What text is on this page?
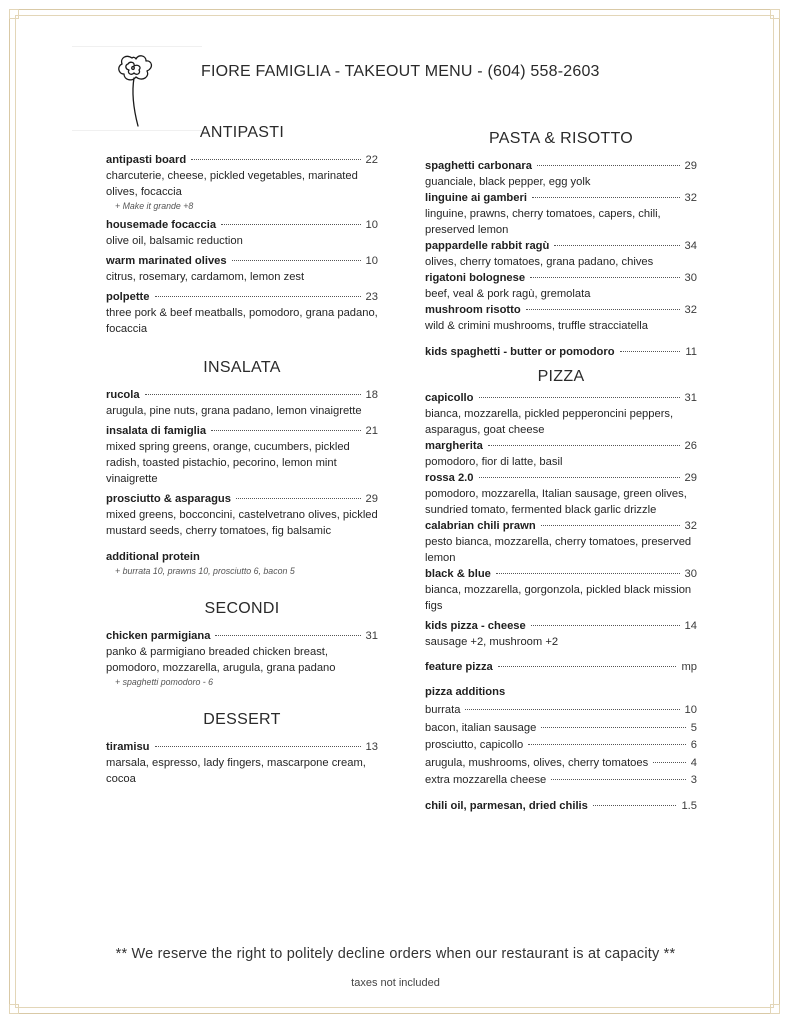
FIORE FAMIGLIA - TAKEOUT MENU - (604) 558-2603
ANTIPASTI
antipasti board	22
charcuterie, cheese, pickled vegetables, marinated olives, focaccia
+ Make it grande +8
housemade focaccia	10
olive oil, balsamic reduction
warm marinated olives	10
citrus, rosemary, cardamom, lemon zest
polpette	23
three pork & beef meatballs, pomodoro, grana padano, focaccia
INSALATA
rucola	18
arugula, pine nuts, grana padano, lemon vinaigrette
insalata di famiglia	21
mixed spring greens, orange, cucumbers, pickled radish, toasted pistachio, pecorino, lemon mint vinaigrette
prosciutto & asparagus	29
mixed greens, bocconcini, castelvetrano olives, pickled mustard seeds, cherry tomatoes, fig balsamic
additional protein
+ burrata 10, prawns 10, prosciutto 6, bacon 5
SECONDI
chicken parmigiana	31
panko & parmigiano breaded chicken breast, pomodoro, mozzarella, arugula, grana padano
+ spaghetti pomodoro - 6
DESSERT
tiramisu	13
marsala, espresso, lady fingers, mascarpone cream, cocoa
PASTA & RISOTTO
spaghetti carbonara	29
guanciale, black pepper, egg yolk
linguine ai gamberi	32
linguine, prawns, cherry tomatoes, capers, chili, preserved lemon
pappardelle rabbit ragù	34
olives, cherry tomatoes, grana padano, chives
rigatoni bolognese	30
beef, veal & pork ragù, gremolata
mushroom risotto	32
wild & crimini mushrooms, truffle stracciatella
kids spaghetti - butter or pomodoro	11
PIZZA
capicollo	31
bianca, mozzarella, pickled pepperoncini peppers, asparagus, goat cheese
margherita	26
pomodoro, fior di latte, basil
rossa 2.0	29
pomodoro, mozzarella, Italian sausage, green olives, sundried tomato, fermented black garlic drizzle
calabrian chili prawn	32
pesto bianca, mozzarella, cherry tomatoes, preserved lemon
black & blue	30
bianca, mozzarella, gorgonzola, pickled black mission figs
kids pizza - cheese	14
sausage +2, mushroom +2
feature pizza	mp
pizza additions
burrata	10
bacon, italian sausage	5
prosciutto, capicollo	6
arugula, mushrooms, olives, cherry tomatoes	4
extra mozzarella cheese	3
chili oil, parmesan, dried chilis	1.5
** We reserve the right to politely decline orders when our restaurant is at capacity **
taxes not included
